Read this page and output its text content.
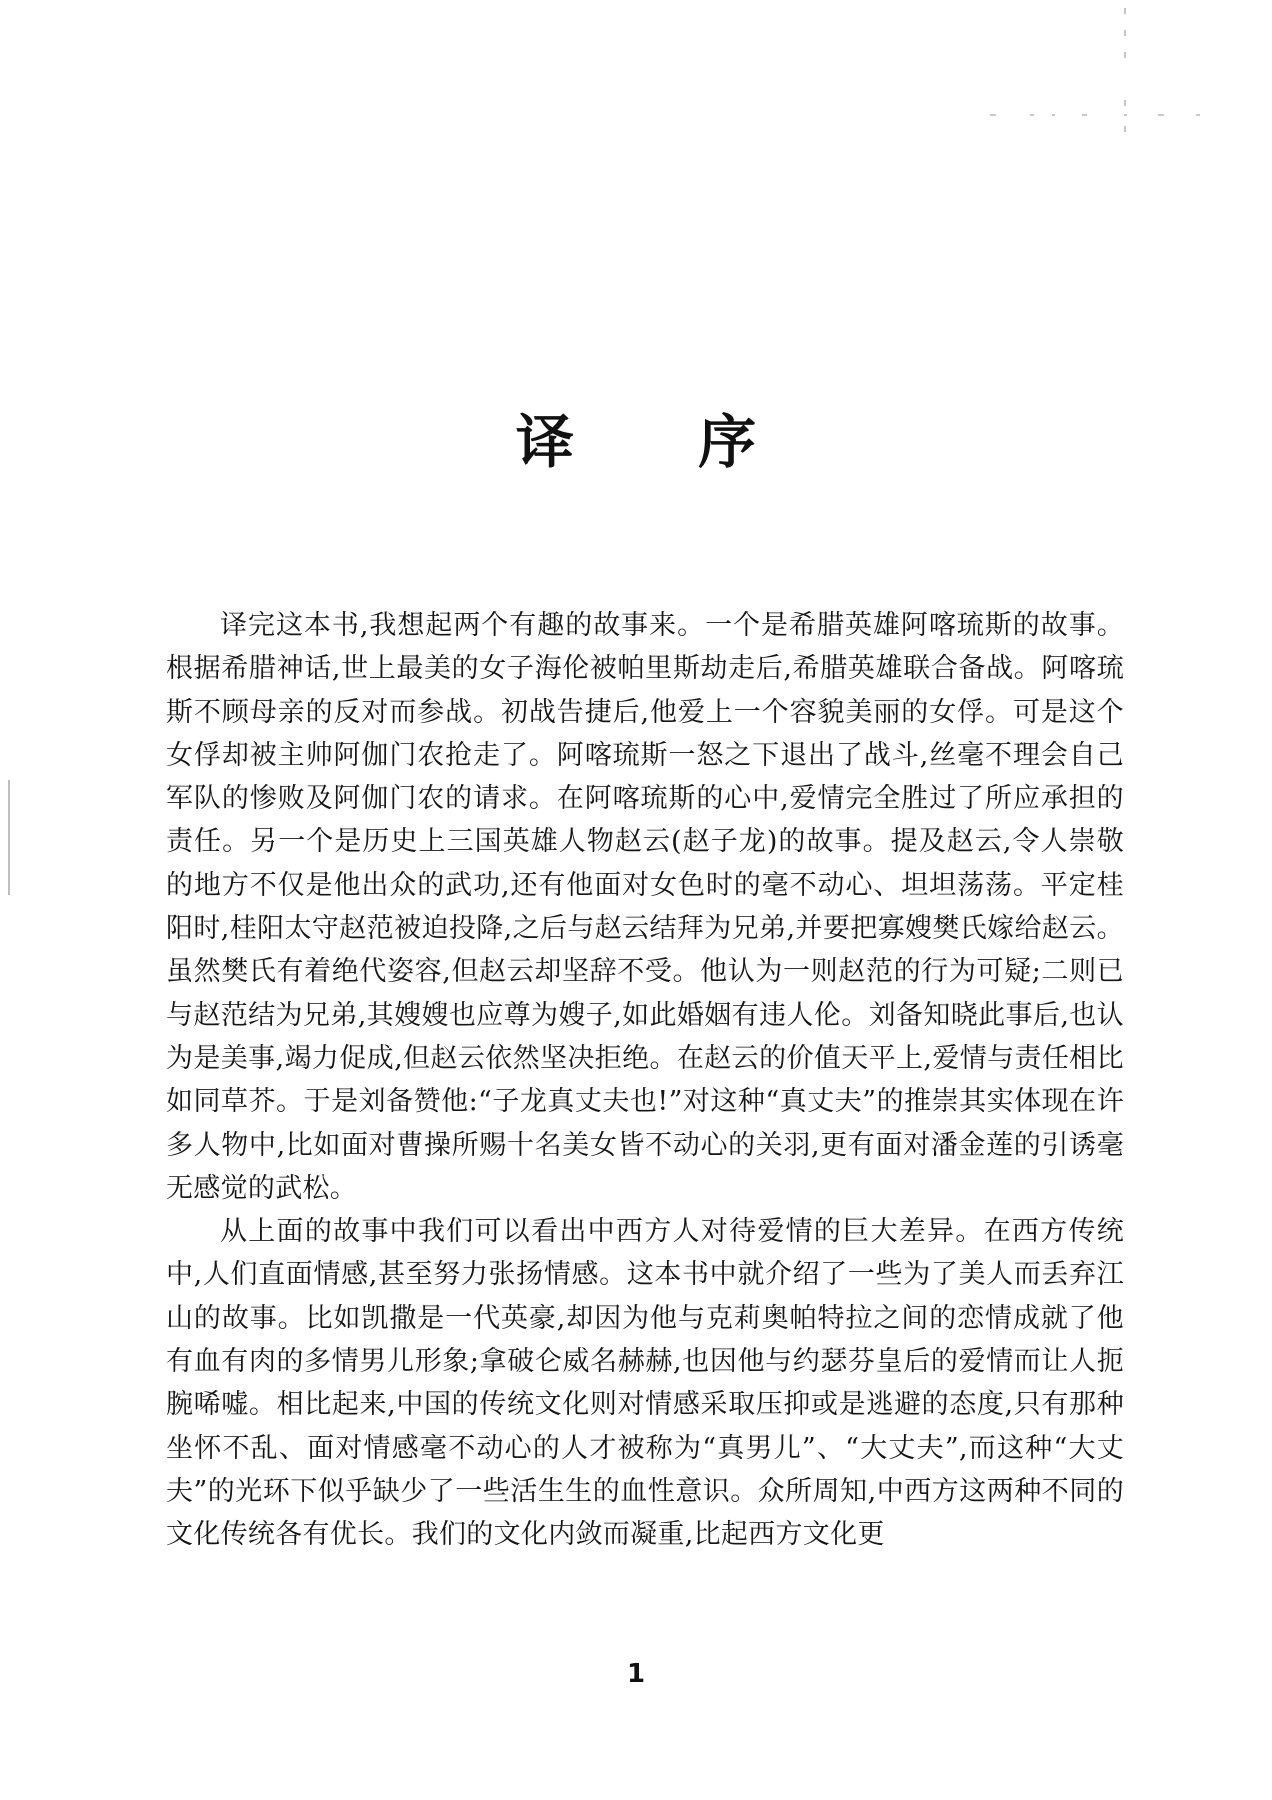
译 序

译完这本书,我想起两个有趣的故事来。一个是希腊英雄阿喀琉斯的故事。根据希腊神话,世上最美的女子海伦被帕里斯劫走后,希腊英雄联合备战。阿喀琉斯不顾母亲的反对而参战。初战告捷后,他爱上一个容貌美丽的女俘。可是这个女俘却被主帅阿伽门农抢走了。阿喀琉斯一怒之下退出了战斗,丝毫不理会自己军队的惨败及阿伽门农的请求。在阿喀琉斯的心中,爱情完全胜过了所应承担的责任。另一个是历史上三国英雄人物赵云(赵子龙)的故事。提及赵云,令人崇敬的地方不仅是他出众的武功,还有他面对女色时的毫不动心、坦坦荡荡。平定桂阳时,桂阳太守赵范被迫投降,之后与赵云结拜为兄弟,并要把寡嫂樊氏嫁给赵云。虽然樊氏有着绝代姿容,但赵云却坚辞不受。他认为一则赵范的行为可疑;二则已与赵范结为兄弟,其嫂嫂也应尊为嫂子,如此婚姻有违人伦。刘备知晓此事后,也认为是美事,竭力促成,但赵云依然坚决拒绝。在赵云的价值天平上,爱情与责任相比如同草芥。于是刘备赞他:“子龙真丈夫也!”对这种“真丈夫”的推崇其实体现在许多人物中,比如面对曹操所赐十名美女皆不动心的关羽,更有面对潘金莲的引诱毫无感觉的武松。

从上面的故事中我们可以看出中西方人对待爱情的巨大差异。在西方传统中,人们直面情感,甚至努力张扬情感。这本书中就介绍了一些为了美人而丢弃江山的故事。比如凯撒是一代英豪,却因为他与克莉奥帕特拉之间的恋情成就了他有血有肉的多情男儿形象;拿破仑威名赫赫,也因他与约瑟芬皇后的爱情而让人扼腕唏嘘。相比起来,中国的传统文化则对情感采取压抑或是逃避的态度,只有那种坐怀不乱、面对情感毫不动心的人才被称为“真男儿”、“大丈夫”,而这种“大丈夫”的光环下似乎缺少了一些活生生的血性意识。众所周知,中西方这两种不同的文化传统各有优长。我们的文化内敛而凝重,比起西方文化更

1
